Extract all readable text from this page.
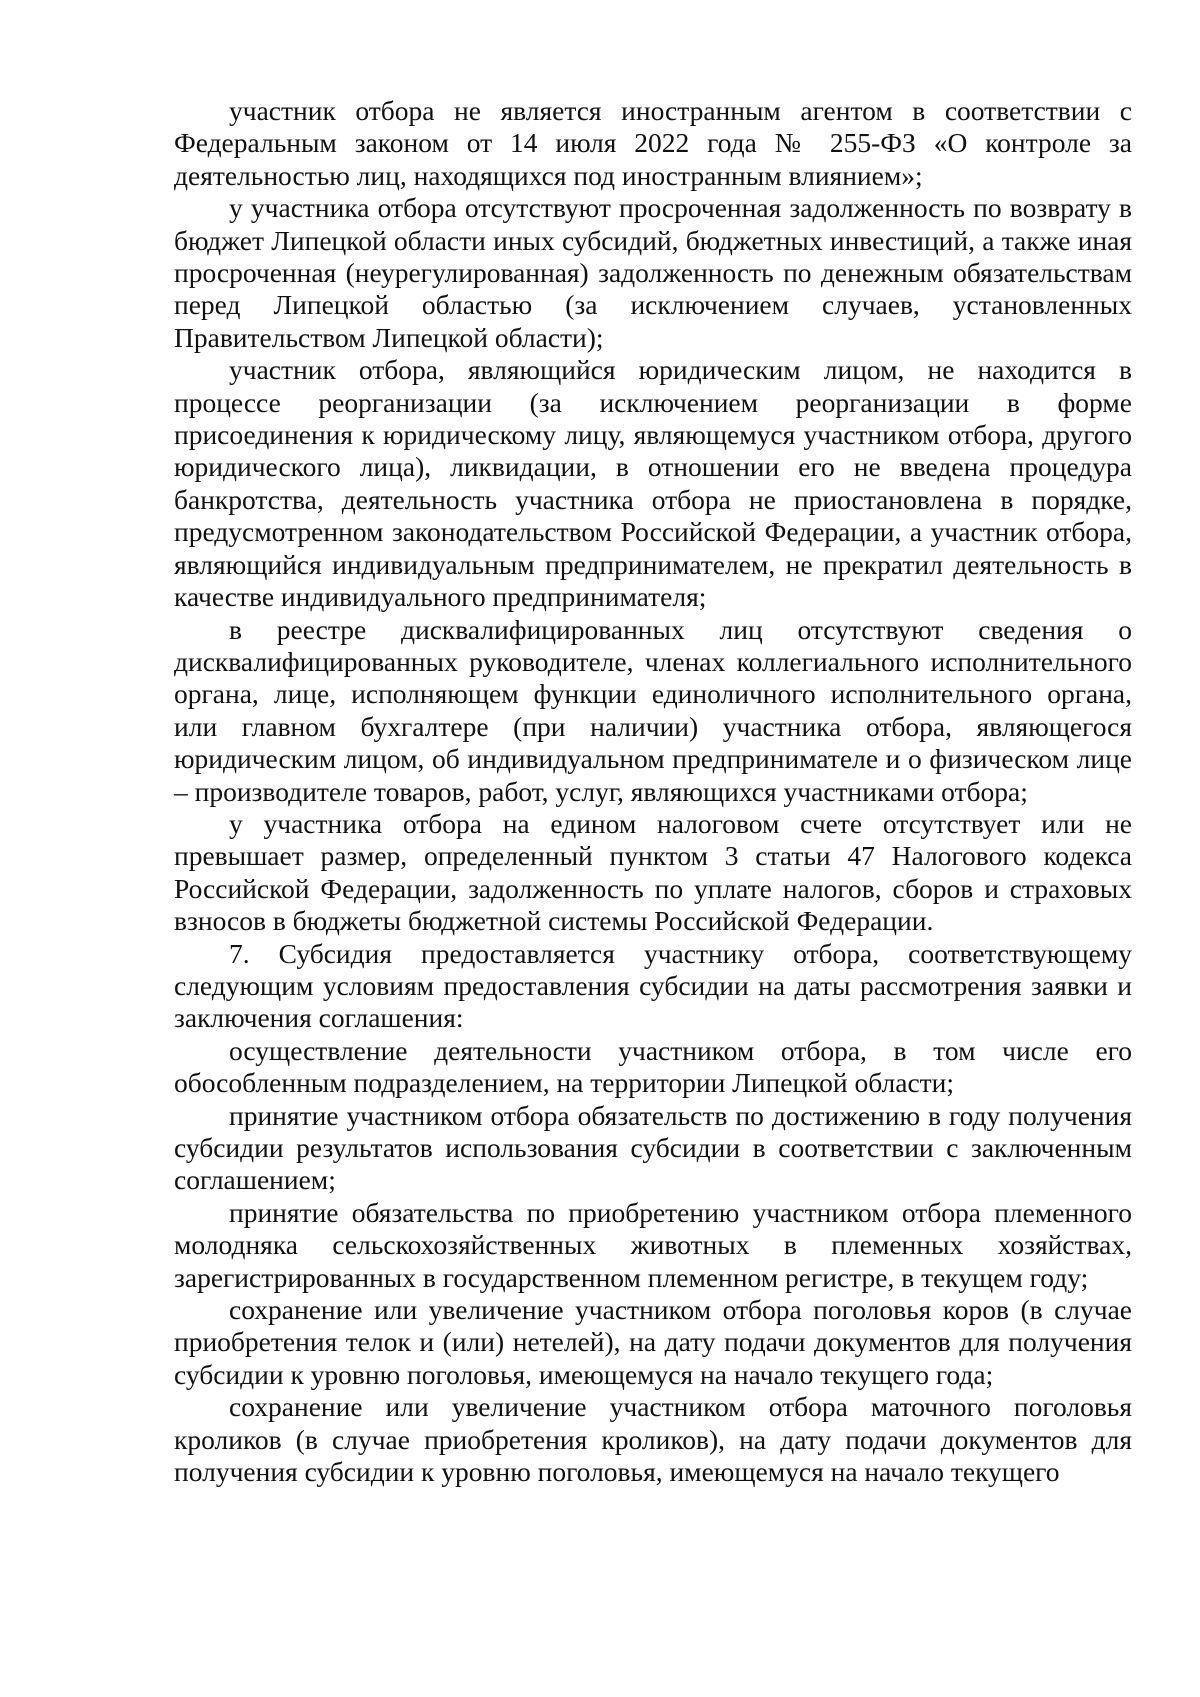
участник отбора не является иностранным агентом в соответствии с Федеральным законом от 14 июля 2022 года № 255-ФЗ «О контроле за деятельностью лиц, находящихся под иностранным влиянием»;

у участника отбора отсутствуют просроченная задолженность по возврату в бюджет Липецкой области иных субсидий, бюджетных инвестиций, а также иная просроченная (неурегулированная) задолженность по денежным обязательствам перед Липецкой областью (за исключением случаев, установленных Правительством Липецкой области);

участник отбора, являющийся юридическим лицом, не находится в процессе реорганизации (за исключением реорганизации в форме присоединения к юридическому лицу, являющемуся участником отбора, другого юридического лица), ликвидации, в отношении его не введена процедура банкротства, деятельность участника отбора не приостановлена в порядке, предусмотренном законодательством Российской Федерации, а участник отбора, являющийся индивидуальным предпринимателем, не прекратил деятельность в качестве индивидуального предпринимателя;

в реестре дисквалифицированных лиц отсутствуют сведения о дисквалифицированных руководителе, членах коллегиального исполнительного органа, лице, исполняющем функции единоличного исполнительного органа, или главном бухгалтере (при наличии) участника отбора, являющегося юридическим лицом, об индивидуальном предпринимателе и о физическом лице – производителе товаров, работ, услуг, являющихся участниками отбора;

у участника отбора на едином налоговом счете отсутствует или не превышает размер, определенный пунктом 3 статьи 47 Налогового кодекса Российской Федерации, задолженность по уплате налогов, сборов и страховых взносов в бюджеты бюджетной системы Российской Федерации.

7. Субсидия предоставляется участнику отбора, соответствующему следующим условиям предоставления субсидии на даты рассмотрения заявки и заключения соглашения:

осуществление деятельности участником отбора, в том числе его обособленным подразделением, на территории Липецкой области;

принятие участником отбора обязательств по достижению в году получения субсидии результатов использования субсидии в соответствии с заключенным соглашением;

принятие обязательства по приобретению участником отбора племенного молодняка сельскохозяйственных животных в племенных хозяйствах, зарегистрированных в государственном племенном регистре, в текущем году;

сохранение или увеличение участником отбора поголовья коров (в случае приобретения телок и (или) нетелей), на дату подачи документов для получения субсидии к уровню поголовья, имеющемуся на начало текущего года;

сохранение или увеличение участником отбора маточного поголовья кроликов (в случае приобретения кроликов), на дату подачи документов для получения субсидии к уровню поголовья, имеющемуся на начало текущего
